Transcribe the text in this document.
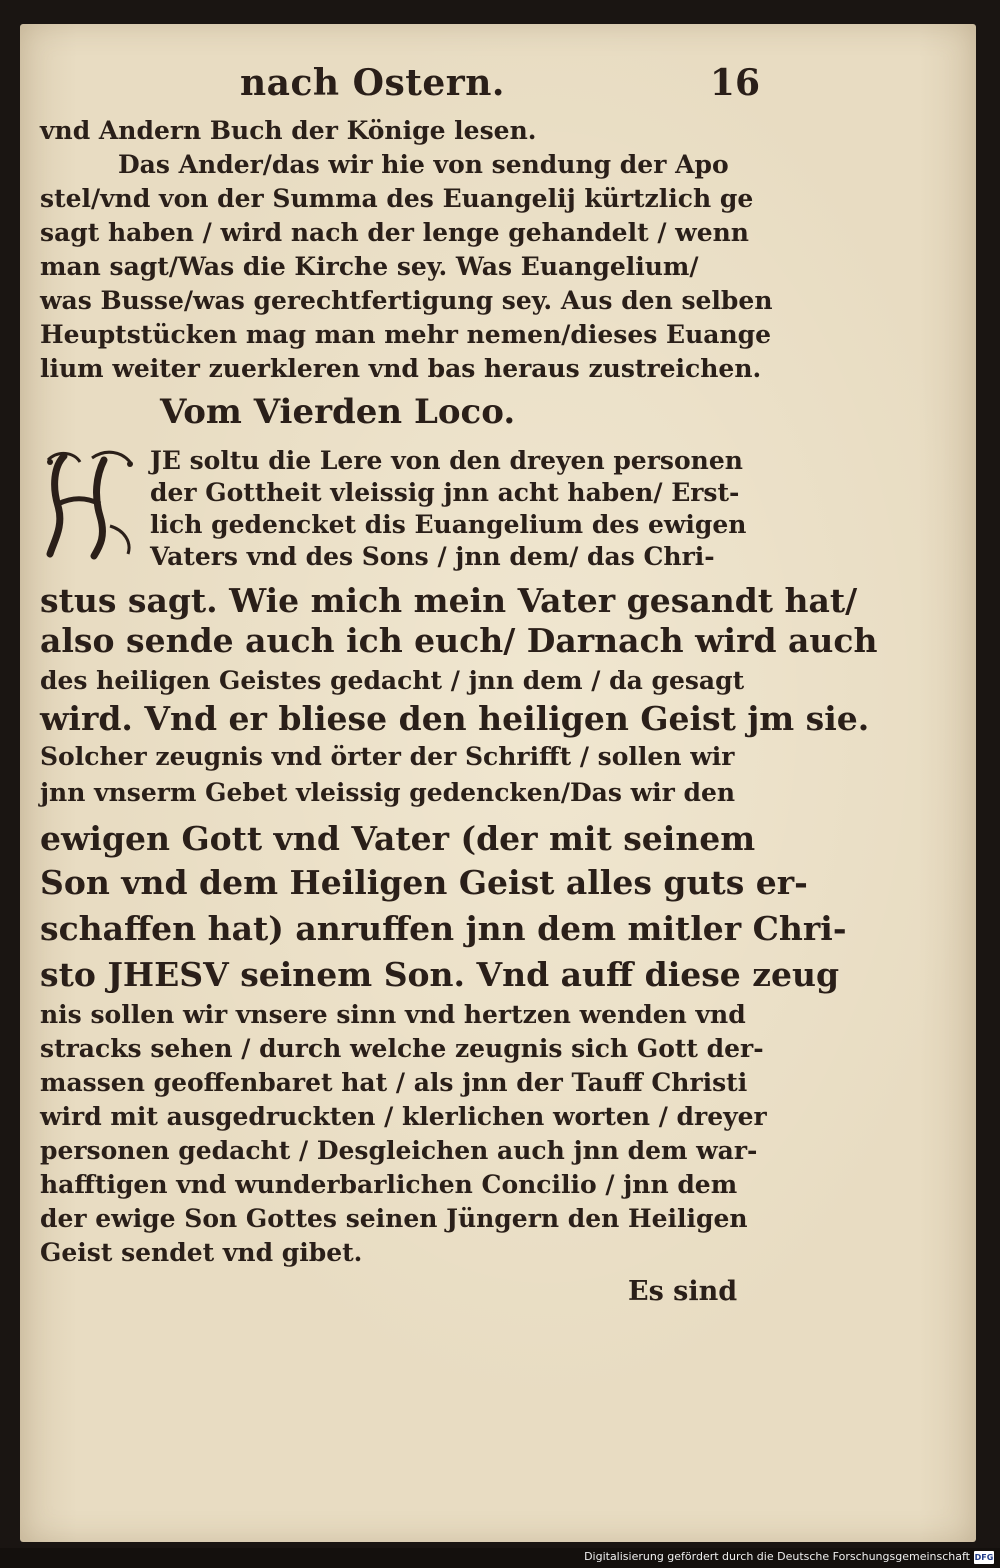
nach Ostern.	16
vnd Andern Buch der Könige lesen.
Das Ander/das wir hie von sendung der Apo
stel/vnd von der Summa des Euangelij kürtzlich ge
sagt haben / wird nach der lenge gehandelt / wenn
man sagt/Was die Kirche sey. Was Euangelium/
was Busse/was gerechtfertigung sey. Aus den selben
Heuptstücken mag man mehr nemen/dieses Euange
lium weiter zuerkleren vnd bas heraus zustreichen.
Vom Vierden Loco.
JE soltu die Lere von den dreyen personen
der Gottheit vleissig jnn acht haben/ Erst-
lich gedencket dis Euangelium des ewigen
Vaters vnd des Sons / jnn dem/ das Chri-
stus sagt. Wie mich mein Vater gesandt hat/
also sende auch ich euch/ Darnach wird auch
des heiligen Geistes gedacht / jnn dem / da gesagt
wird. Vnd er bliese den heiligen Geist jm sie.
Solcher zeugnis vnd örter der Schrifft / sollen wir
jnn vnserm Gebet vleissig gedencken/Das wir den
ewigen Gott vnd Vater (der mit seinem
Son vnd dem Heiligen Geist alles guts er-
schaffen hat) anruffen jnn dem mitler Chri-
sto JHESV seinem Son. Vnd auff diese zeug
nis sollen wir vnsere sinn vnd hertzen wenden vnd
stracks sehen / durch welche zeugnis sich Gott der-
massen geoffenbaret hat / als jnn der Tauff Christi
wird mit ausgedruckten / klerlichen worten / dreyer
personen gedacht / Desgleichen auch jnn dem war-
hafftigen vnd wunderbarlichen Concilio / jnn dem
der ewige Son Gottes seinen Jüngern den Heiligen
Geist sendet vnd gibet.
Es sind
Digitalisierung gefördert durch die Deutsche Forschungsgemeinschaft DFG
